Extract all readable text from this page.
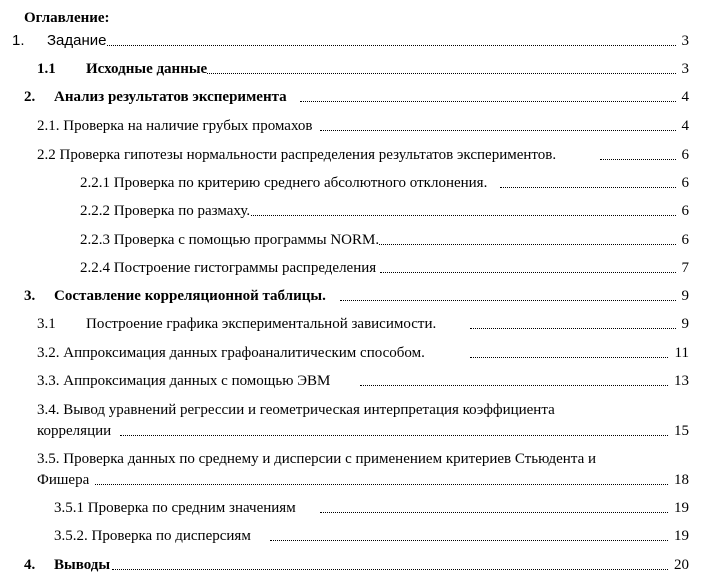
Оглавление:
1. Задание	3
1.1 Исходные данные	3
2. Анализ результатов эксперимента	4
2.1. Проверка на наличие грубых промахов	4
2.2 Проверка гипотезы нормальности распределения результатов экспериментов.	6
2.2.1 Проверка по критерию среднего абсолютного отклонения.	6
2.2.2 Проверка по размаху.	6
2.2.3 Проверка с помощью программы NORM.	6
2.2.4 Построение гистограммы распределения	7
3. Составление корреляционной таблицы.	9
3.1 Построение графика экспериментальной зависимости.	9
3.2. Аппроксимация данных графоаналитическим способом.	11
3.3. Аппроксимация данных с помощью ЭВМ	13
3.4. Вывод уравнений регрессии и геометрическая интерпретация коэффициента
корреляции	15
3.5. Проверка данных по среднему и дисперсии с применением критериев Стьюдента и
Фишера	18
3.5.1 Проверка по средним значениям	19
3.5.2. Проверка по дисперсиям	19
4. Выводы	20
